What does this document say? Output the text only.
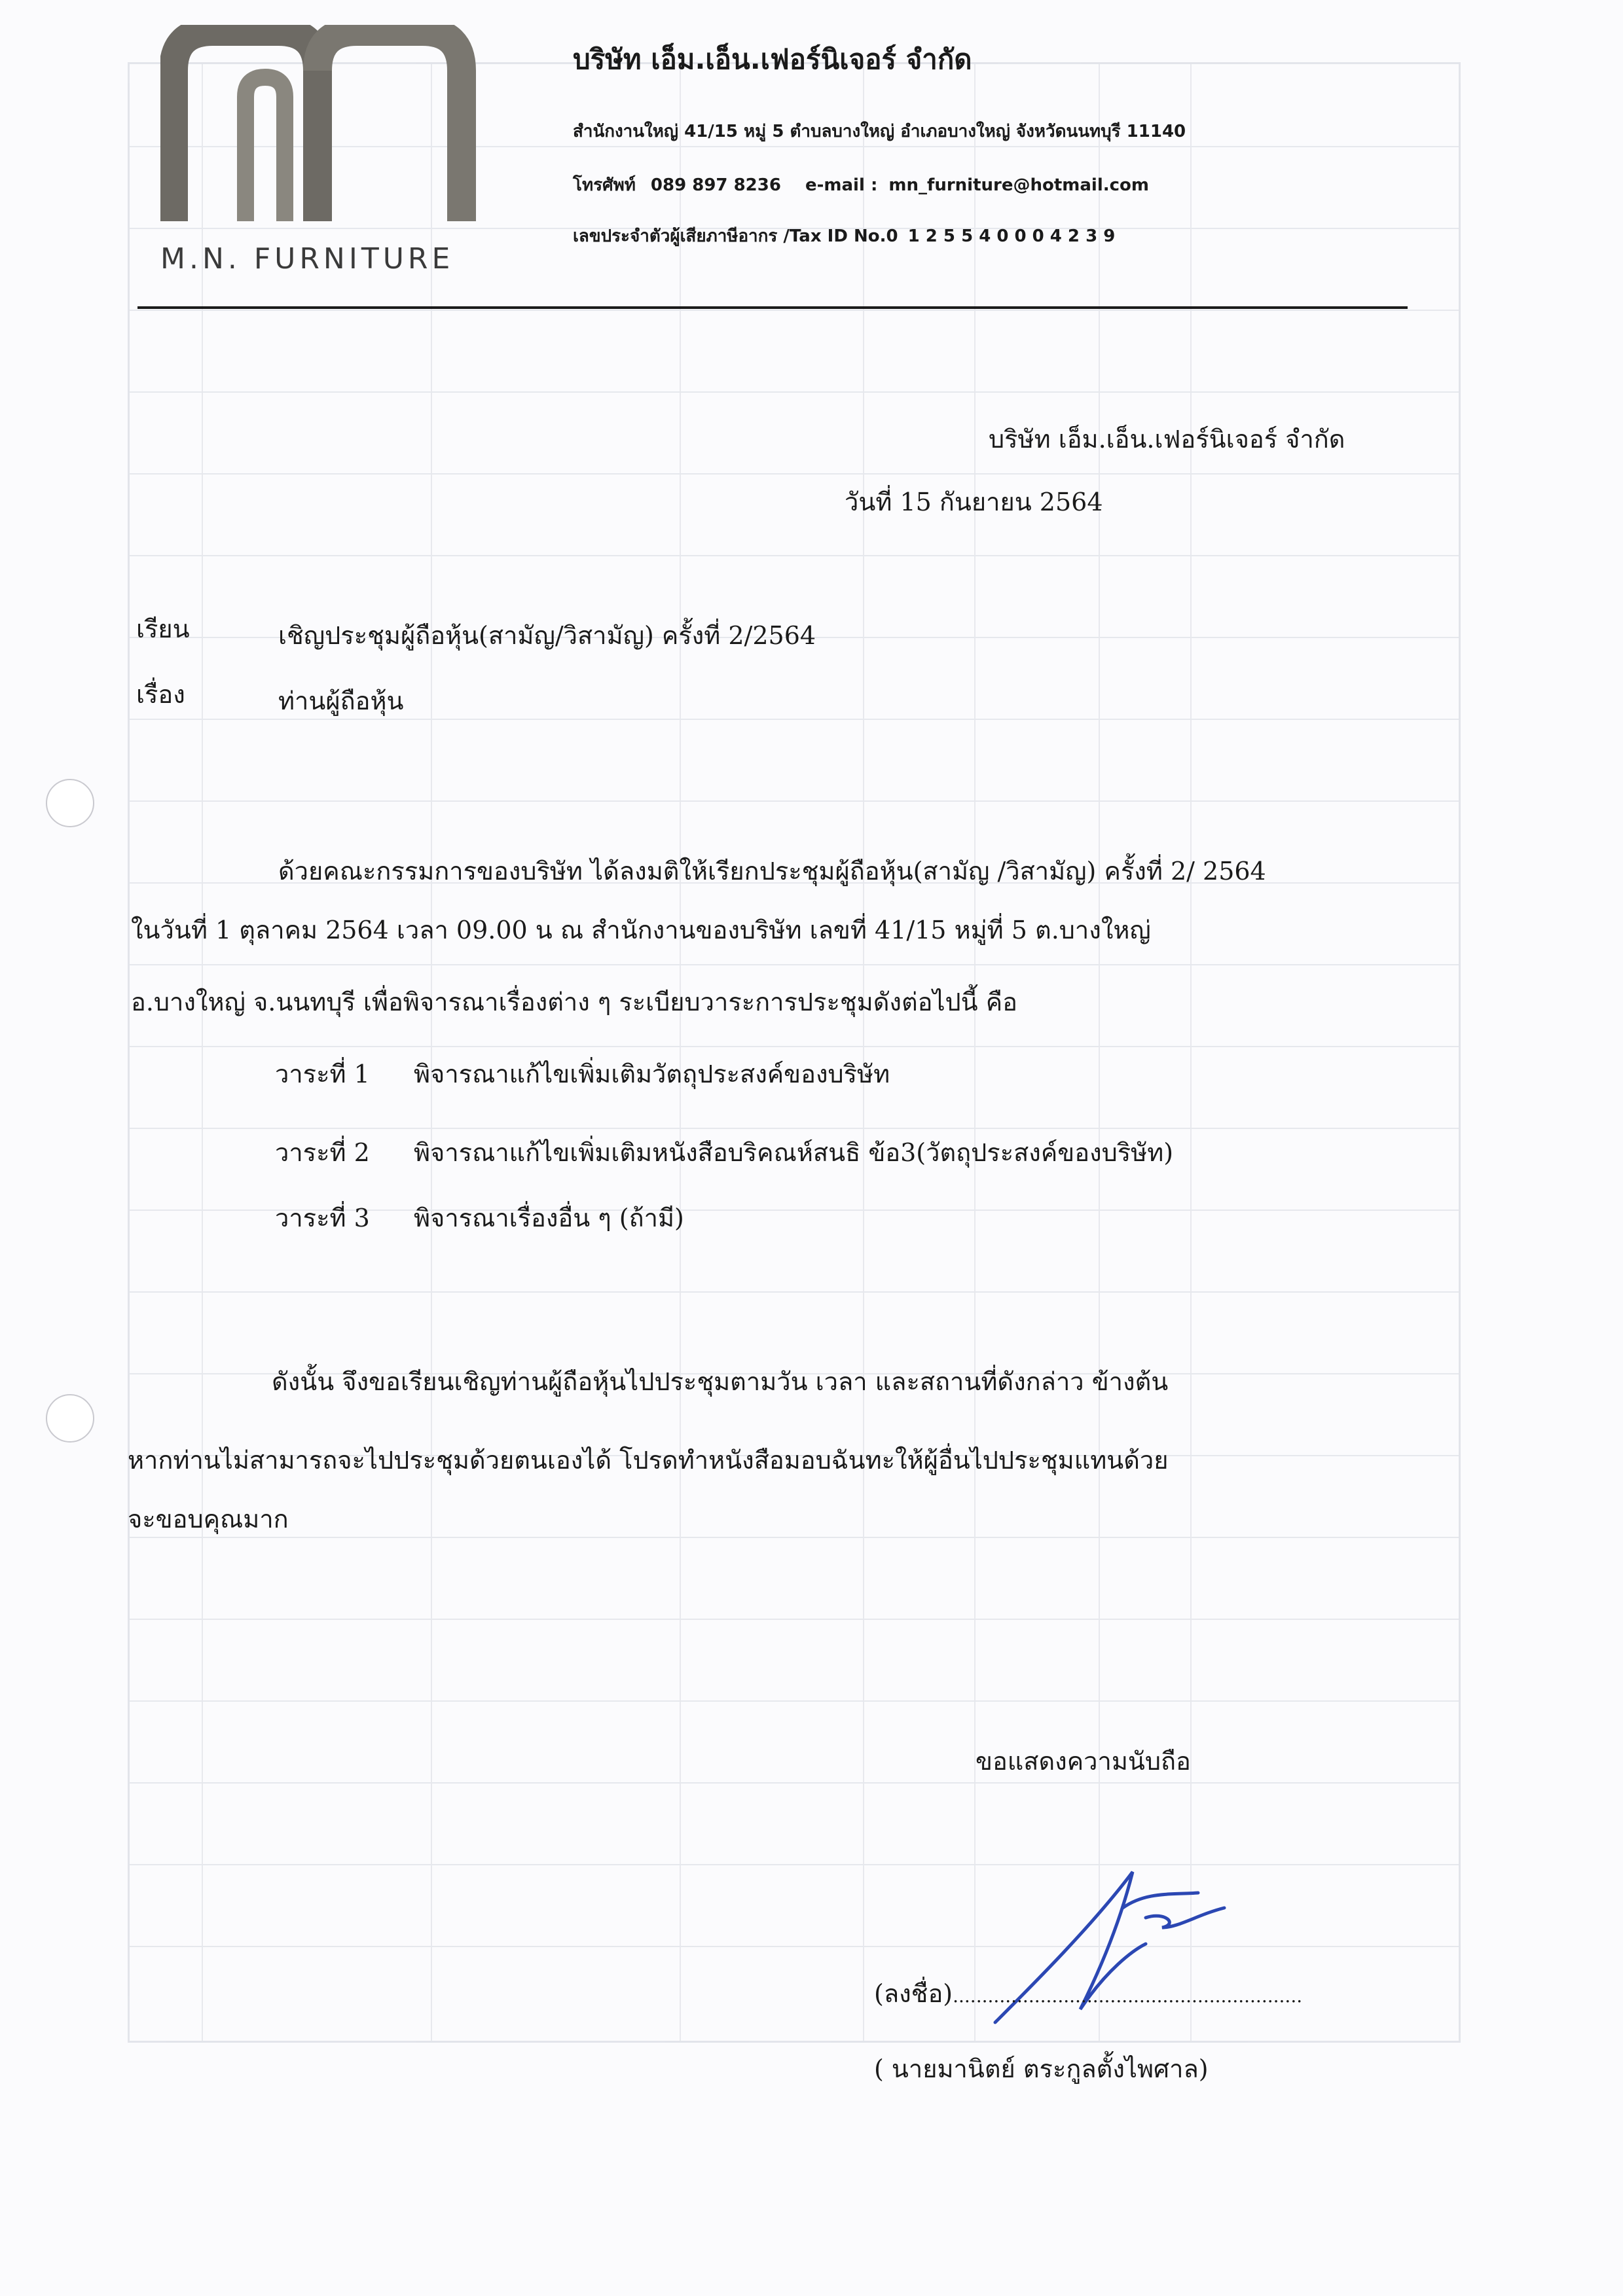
M.N. FURNITURE
บริษัท เอ็ม.เอ็น.เฟอร์นิเจอร์ จำกัด
สำนักงานใหญ่ 41/15 หมู่ 5 ตำบลบางใหญ่ อำเภอบางใหญ่ จังหวัดนนทบุรี 11140
โทรศัพท์ 089 897 8236 e-mail : mn_furniture@hotmail.com
เลขประจำตัวผู้เสียภาษีอากร /Tax ID No.0 1 2 5 5 4 0 0 0 4 2 3 9
บริษัท เอ็ม.เอ็น.เฟอร์นิเจอร์ จำกัด
วันที่ 15 กันยายน 2564
เรียน	เชิญประชุมผู้ถือหุ้น(สามัญ/วิสามัญ) ครั้งที่ 2/2564
เรื่อง	ท่านผู้ถือหุ้น
ด้วยคณะกรรมการของบริษัท ได้ลงมติให้เรียกประชุมผู้ถือหุ้น(สามัญ /วิสามัญ) ครั้งที่ 2/ 2564
ในวันที่ 1 ตุลาคม 2564 เวลา 09.00 น ณ สำนักงานของบริษัท เลขที่ 41/15 หมู่ที่ 5 ต.บางใหญ่
อ.บางใหญ่ จ.นนทบุรี เพื่อพิจารณาเรื่องต่าง ๆ ระเบียบวาระการประชุมดังต่อไปนี้ คือ
วาระที่ 1 พิจารณาแก้ไขเพิ่มเติมวัตถุประสงค์ของบริษัท
วาระที่ 2 พิจารณาแก้ไขเพิ่มเติมหนังสือบริคณห์สนธิ ข้อ3(วัตถุประสงค์ของบริษัท)
วาระที่ 3 พิจารณาเรื่องอื่น ๆ (ถ้ามี)
ดังนั้น จึงขอเรียนเชิญท่านผู้ถือหุ้นไปประชุมตามวัน เวลา และสถานที่ดังกล่าว ข้างต้น
หากท่านไม่สามารถจะไปประชุมด้วยตนเองได้ โปรดทำหนังสือมอบฉันทะให้ผู้อื่นไปประชุมแทนด้วย
จะขอบคุณมาก
ขอแสดงความนับถือ
(ลงชื่อ)............................................................
( นายมานิตย์ ตระกูลตั้งไพศาล)
